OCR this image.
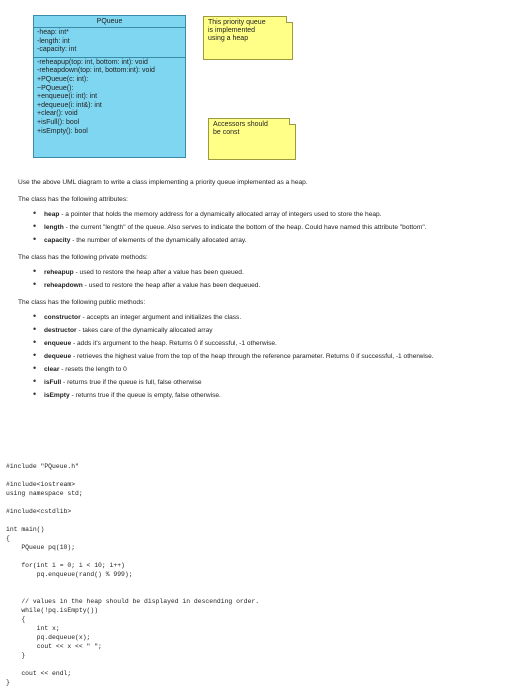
PQueue
-heap: int*
-length: int
-capacity: int
-reheapup(top: int, bottom: int): void
-reheapdown(top: int, bottom:int): void
+PQueue(c: int):
~PQueue():
+enqueue(i: int): int
+dequeue(i: int&): int
+clear(): void
+isFull(): bool
+isEmpty(): bool
This priority queue
is implemented
using a heap
Accessors should
be const

Use the above UML diagram to write a class implementing a priority queue implemented as a heap.

The class has the following attributes:

• heap - a pointer that holds the memory address for a dynamically allocated array of integers used to store the heap.
• length - the current "length" of the queue. Also serves to indicate the bottom of the heap. Could have named this attribute "bottom".
• capacity - the number of elements of the dynamically allocated array.

The class has the following private methods:

• reheapup - used to restore the heap after a value has been queued.
• reheapdown - used to restore the heap after a value has been dequeued.

The class has the following public methods:

• constructor - accepts an integer argument and initializes the class.
• destructor - takes care of the dynamically allocated array
• enqueue - adds it's argument to the heap. Returns 0 if successful, -1 otherwise.
• dequeue - retrieves the highest value from the top of the heap through the reference parameter. Returns 0 if successful, -1 otherwise.
• clear - resets the length to 0
• isFull - returns true if the queue is full, false otherwise
• isEmpty - returns true if the queue is empty, false otherwise.
#include "PQueue.h"
#include<iostream>
using namespace std;
#include<cstdlib>
int main()
{
PQueue pq(10);
for(int i = 0; i < 10; i++)
pq.enqueue(rand() % 999);
// values in the heap should be displayed in descending order.
while(!pq.isEmpty())
{
int x;
pq.dequeue(x);
cout << x << " ";
}
cout << endl;
}
